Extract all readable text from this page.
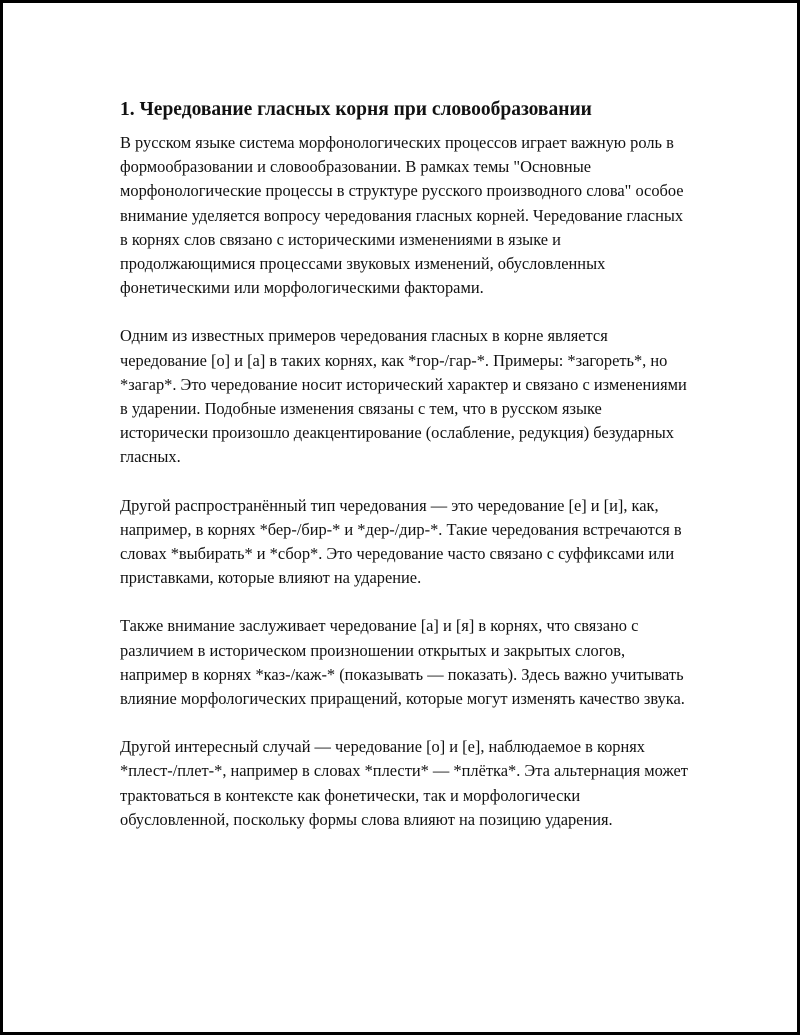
1. Чередование гласных корня при словообразовании

В русском языке система морфонологических процессов играет важную роль в формообразовании и словообразовании. В рамках темы "Основные морфонологические процессы в структуре русского производного слова" особое внимание уделяется вопросу чередования гласных корней. Чередование гласных в корнях слов связано с историческими изменениями в языке и продолжающимися процессами звуковых изменений, обусловленных фонетическими или морфологическими факторами.

Одним из известных примеров чередования гласных в корне является чередование [о] и [а] в таких корнях, как *гор-/гар-*. Примеры: *загореть*, но *загар*. Это чередование носит исторический характер и связано с изменениями в ударении. Подобные изменения связаны с тем, что в русском языке исторически произошло деакцентирование (ослабление, редукция) безударных гласных.

Другой распространённый тип чередования — это чередование [е] и [и], как, например, в корнях *бер-/бир-* и *дер-/дир-*. Такие чередования встречаются в словах *выбирать* и *сбор*. Это чередование часто связано с суффиксами или приставками, которые влияют на ударение.

Также внимание заслуживает чередование [а] и [я] в корнях, что связано с различием в историческом произношении открытых и закрытых слогов, например в корнях *каз-/каж-* (показывать — показать). Здесь важно учитывать влияние морфологических приращений, которые могут изменять качество звука.

Другой интересный случай — чередование [о] и [е], наблюдаемое в корнях *плест-/плет-*, например в словах *плести* — *плётка*. Эта альтернация может трактоваться в контексте как фонетически, так и морфологически обусловленной, поскольку формы слова влияют на позицию ударения.
